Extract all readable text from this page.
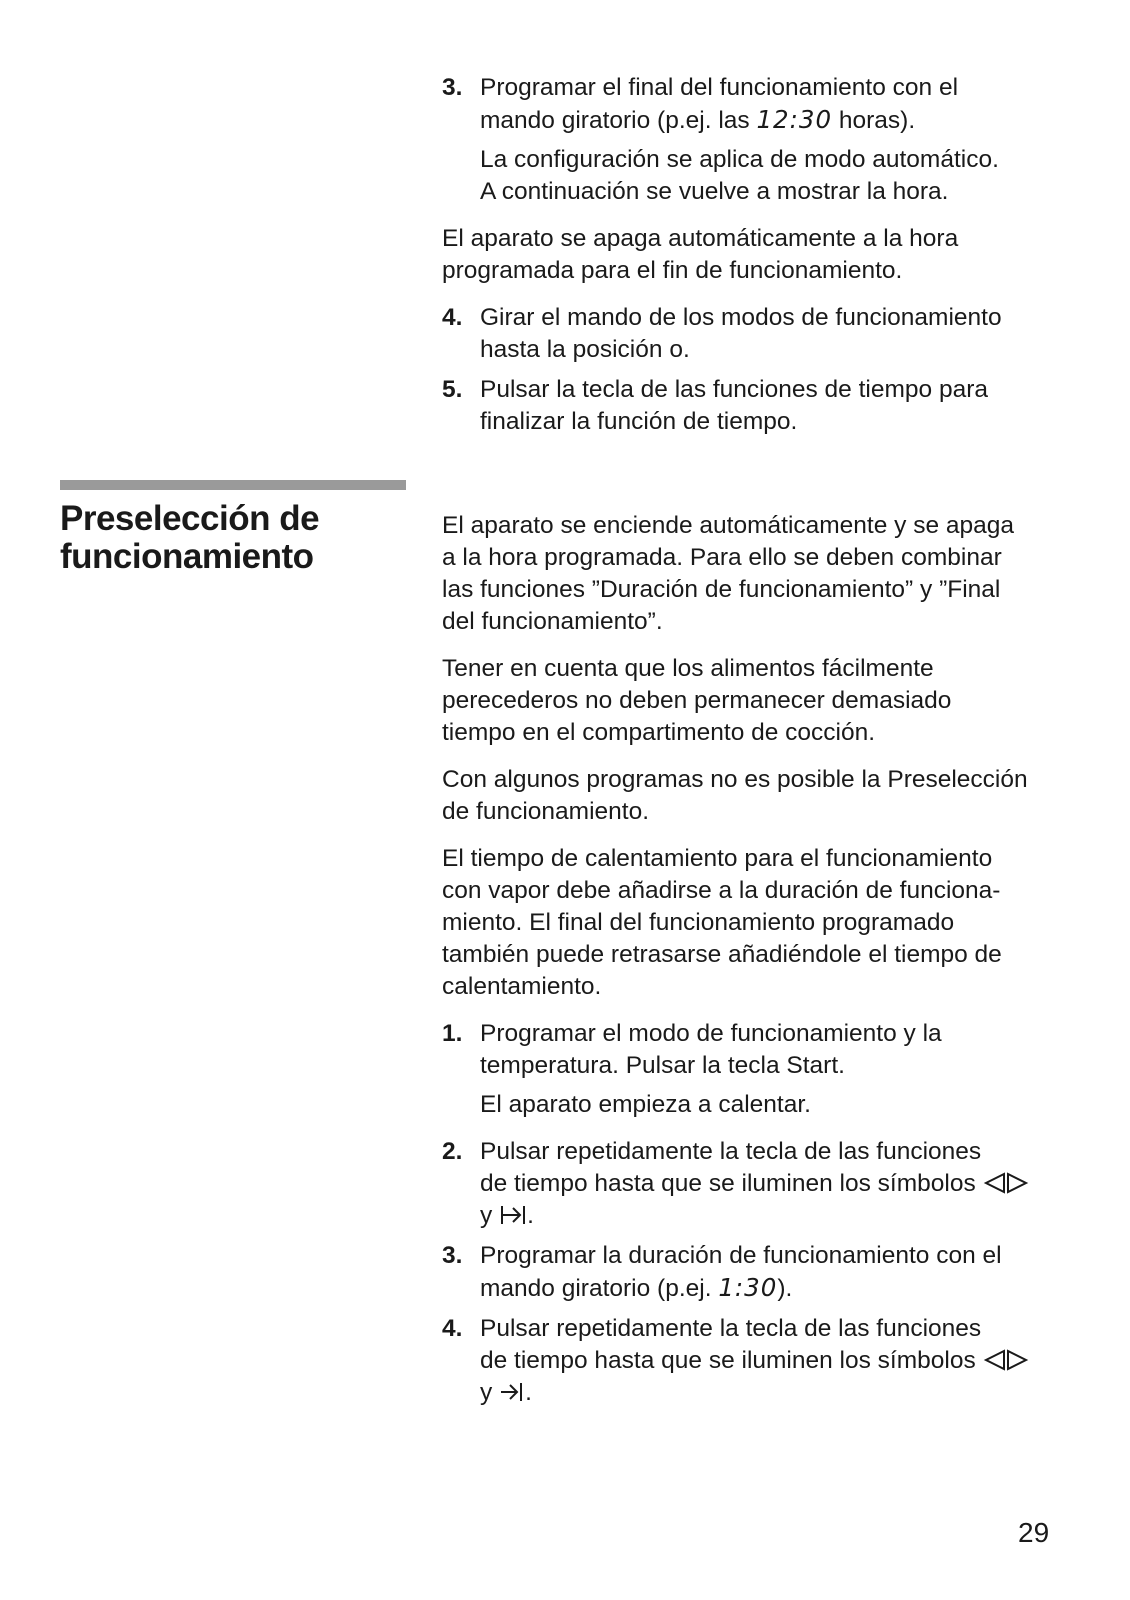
3. Programar el final del funcionamiento con el
mando giratorio (p.ej. las 12:30 horas).

La configuración se aplica de modo automático.
A continuación se vuelve a mostrar la hora.

El aparato se apaga automáticamente a la hora
programada para el fin de funcionamiento.

4. Girar el mando de los modos de funcionamiento
hasta la posición o.

5. Pulsar la tecla de las funciones de tiempo para
finalizar la función de tiempo.

Preselección de
funcionamiento

El aparato se enciende automáticamente y se apaga
a la hora programada. Para ello se deben combinar
las funciones ”Duración de funcionamiento” y ”Final
del funcionamiento”.

Tener en cuenta que los alimentos fácilmente
perecederos no deben permanecer demasiado
tiempo en el compartimento de cocción.

Con algunos programas no es posible la Preselección
de funcionamiento.

El tiempo de calentamiento para el funcionamiento
con vapor debe añadirse a la duración de funciona-
miento. El final del funcionamiento programado
también puede retrasarse añadiéndole el tiempo de
calentamiento.

1. Programar el modo de funcionamiento y la
temperatura. Pulsar la tecla Start.

El aparato empieza a calentar.

2. Pulsar repetidamente la tecla de las funciones
de tiempo hasta que se iluminen los símbolos
y .

3. Programar la duración de funcionamiento con el
mando giratorio (p.ej. 1:30).

4. Pulsar repetidamente la tecla de las funciones
de tiempo hasta que se iluminen los símbolos
y .

29
